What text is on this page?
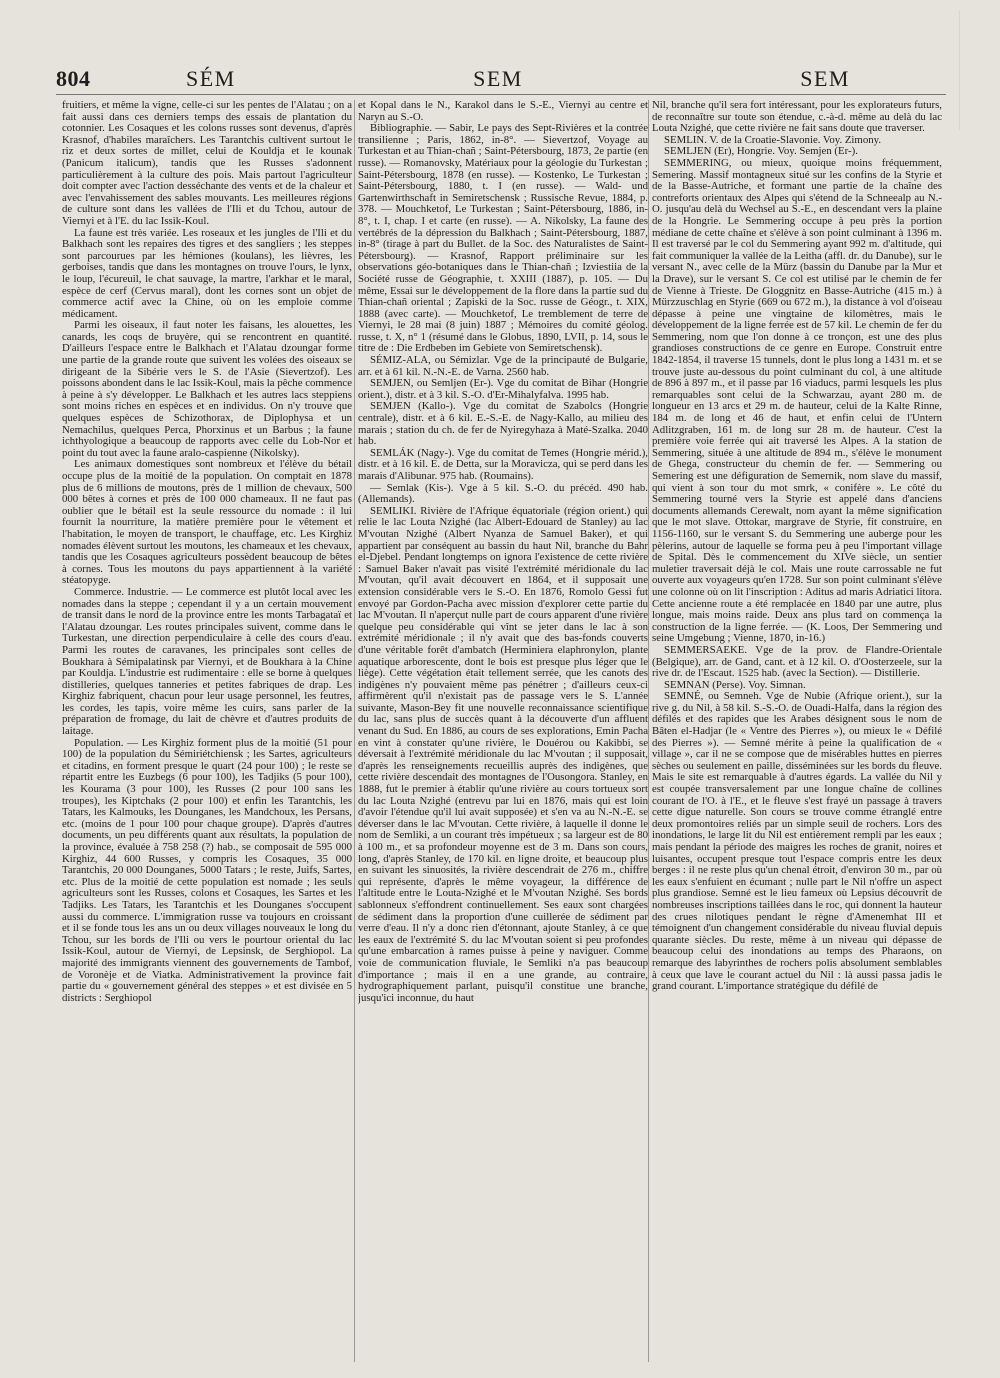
804	SÉM	SEM	SEM

fruitiers, et même la vigne, celle-ci sur les pentes de l'Alatau ; on a fait aussi dans ces derniers temps des essais de plantation du cotonnier. Les Cosaques et les colons russes sont devenus, d'après Krasnof, d'habiles maraîchers. Les Tarantchis cultivent surtout le riz et deux sortes de millet, celui de Kouldja et le kounak (Panicum italicum), tandis que les Russes s'adonnent particulièrement à la culture des pois. Mais partout l'agriculteur doit compter avec l'action desséchante des vents et de la chaleur et avec l'envahissement des sables mouvants. Les meilleures régions de culture sont dans les vallées de l'Ili et du Tchou, autour de Viernyi et à l'E. du lac Issik-Koul.

La faune est très variée. Les roseaux et les jungles de l'Ili et du Balkhach sont les repaires des tigres et des sangliers ; les steppes sont parcourues par les hémiones (koulans), les lièvres, les gerboises, tandis que dans les montagnes on trouve l'ours, le lynx, le loup, l'écureuil, le chat sauvage, la martre, l'arkhar et le maral, espèce de cerf (Cervus maral), dont les cornes sont un objet de commerce actif avec la Chine, où on les emploie comme médicament.

Parmi les oiseaux, il faut noter les faisans, les alouettes, les canards, les coqs de bruyère, qui se rencontrent en quantité. D'ailleurs l'espace entre le Balkhach et l'Alatau dzoungar forme une partie de la grande route que suivent les volées des oiseaux se dirigeant de la Sibérie vers le S. de l'Asie (Sievertzof). Les poissons abondent dans le lac Issik-Koul, mais la pêche commence à peine à s'y développer. Le Balkhach et les autres lacs steppiens sont moins riches en espèces et en individus. On n'y trouve que quelques espèces de Schizothorax, de Diplophysa et un Nemachilus, quelques Perca, Phorxinus et un Barbus ; la faune ichthyologique a beaucoup de rapports avec celle du Lob-Nor et point du tout avec la faune aralo-caspienne (Nikolsky).

Les animaux domestiques sont nombreux et l'élève du bétail occupe plus de la moitié de la population. On comptait en 1878 plus de 6 millions de moutons, près de 1 million de chevaux, 500 000 bêtes à cornes et près de 100 000 chameaux. Il ne faut pas oublier que le bétail est la seule ressource du nomade : il lui fournit la nourriture, la matière première pour le vêtement et l'habitation, le moyen de transport, le chauffage, etc. Les Kirghiz nomades élèvent surtout les moutons, les chameaux et les chevaux, tandis que les Cosaques agriculteurs possèdent beaucoup de bêtes à cornes. Tous les moutons du pays appartiennent à la variété stéatopyge.

Commerce. Industrie. — Le commerce est plutôt local avec les nomades dans la steppe ; cependant il y a un certain mouvement de transit dans le nord de la province entre les monts Tarbagataï et l'Alatau dzoungar. Les routes principales suivent, comme dans le Turkestan, une direction perpendiculaire à celle des cours d'eau. Parmi les routes de caravanes, les principales sont celles de Boukhara à Sémipalatinsk par Viernyi, et de Boukhara à la Chine par Kouldja. L'industrie est rudimentaire : elle se borne à quelques distilleries, quelques tanneries et petites fabriques de drap. Les Kirghiz fabriquent, chacun pour leur usage personnel, les feutres, les cordes, les tapis, voire même les cuirs, sans parler de la préparation de fromage, du lait de chèvre et d'autres produits de laitage.

Population. — Les Kirghiz forment plus de la moitié (51 pour 100) de la population du Sémiriétchiensk ; les Sartes, agriculteurs et citadins, en forment presque le quart (24 pour 100) ; le reste se répartit entre les Euzbegs (6 pour 100), les Tadjiks (5 pour 100), les Kourama (3 pour 100), les Russes (2 pour 100 sans les troupes), les Kiptchaks (2 pour 100) et enfin les Tarantchis, les Tatars, les Kalmouks, les Dounganes, les Mandchoux, les Persans, etc. (moins de 1 pour 100 pour chaque groupe). D'après d'autres documents, un peu différents quant aux résultats, la population de la province, évaluée à 758 258 (?) hab., se composait de 595 000 Kirghiz, 44 600 Russes, y compris les Cosaques, 35 000 Tarantchis, 20 000 Dounganes, 5000 Tatars ; le reste, Juifs, Sartes, etc. Plus de la moitié de cette population est nomade ; les seuls agriculteurs sont les Russes, colons et Cosaques, les Sartes et les Tadjiks. Les Tatars, les Tarantchis et les Dounganes s'occupent aussi du commerce. L'immigration russe va toujours en croissant et il se fonde tous les ans un ou deux villages nouveaux le long du Tchou, sur les bords de l'Ili ou vers le pourtour oriental du lac Issik-Koul, autour de Viernyi, de Lepsinsk, de Serghiopol. La majorité des immigrants viennent des gouvernements de Tambof, de Voronèje et de Viatka. Administrativement la province fait partie du « gouvernement général des steppes » et est divisée en 5 districts : Serghiopol

et Kopal dans le N., Karakol dans le S.-E., Viernyi au centre et Naryn au S.-O.

Bibliographie. — Sabir, Le pays des Sept-Rivières et la contrée transilienne ; Paris, 1862, in-8°. — Sievertzof, Voyage au Turkestan et au Thian-chañ ; Saint-Pétersbourg, 1873, 2e partie (en russe). — Romanovsky, Matériaux pour la géologie du Turkestan ; Saint-Pétersbourg, 1878 (en russe). — Kostenko, Le Turkestan ; Saint-Pétersbourg, 1880, t. I (en russe). — Wald- und Gartenwirthschaft in Semiretschensk ; Russische Revue, 1884, p. 378. — Mouchketof, Le Turkestan ; Saint-Pétersbourg, 1886, in-8°, t. I, chap. I et carte (en russe). — A. Nikolsky, La faune des vertébrés de la dépression du Balkhach ; Saint-Pétersbourg, 1887, in-8° (tirage à part du Bullet. de la Soc. des Naturalistes de Saint-Pétersbourg). — Krasnof, Rapport préliminaire sur les observations géo-botaniques dans le Thian-chañ ; Izviestiia de la Société russe de Géographie, t. XXIII (1887), p. 105. — Du même, Essai sur le développement de la flore dans la partie sud du Thian-chañ oriental ; Zapiski de la Soc. russe de Géogr., t. XIX, 1888 (avec carte). — Mouchketof, Le tremblement de terre de Viernyi, le 28 mai (8 juin) 1887 ; Mémoires du comité géolog. russe, t. X, n° 1 (résumé dans le Globus, 1890, LVII, p. 14, sous le titre de : Die Erdbeben im Gebiete von Semiretschensk).

SÉMIZ-ALA, ou Sémizlar. Vge de la principauté de Bulgarie, arr. et à 61 kil. N.-N.-E. de Varna. 2560 hab.

SEMJEN, ou Semljen (Er-). Vge du comitat de Bihar (Hongrie orient.), distr. et à 3 kil. S.-O. d'Er-Mihalyfalva. 1995 hab.

SEMJEN (Kallo-). Vge du comitat de Szabolcs (Hongrie centrale), distr. et à 6 kil. E.-S.-E. de Nagy-Kallo, au milieu des marais ; station du ch. de fer de Nyiregyhaza à Maté-Szalka. 2040 hab.

SEMLÁK (Nagy-). Vge du comitat de Temes (Hongrie mérid.), distr. et à 16 kil. E. de Detta, sur la Moravicza, qui se perd dans les marais d'Alibunar. 975 hab. (Roumains).

— Semlak (Kis-). Vge à 5 kil. S.-O. du précéd. 490 hab. (Allemands).

SEMLIKI. Rivière de l'Afrique équatoriale (région orient.) qui relie le lac Louta Nzighé (lac Albert-Edouard de Stanley) au lac M'voutan Nzighé (Albert Nyanza de Samuel Baker), et qui appartient par conséquent au bassin du haut Nil, branche du Bahr el-Djebel. Pendant longtemps on ignora l'existence de cette rivière : Samuel Baker n'avait pas visité l'extrémité méridionale du lac M'voutan, qu'il avait découvert en 1864, et il supposait une extension considérable vers le S.-O. En 1876, Romolo Gessi fut envoyé par Gordon-Pacha avec mission d'explorer cette partie du lac M'voutan. Il n'aperçut nulle part de cours apparent d'une rivière quelque peu considérable qui vînt se jeter dans le lac à son extrémité méridionale ; il n'y avait que des bas-fonds couverts d'une véritable forêt d'ambatch (Herminiera elaphronylon, plante aquatique arborescente, dont le bois est presque plus léger que le liège). Cette végétation était tellement serrée, que les canots des indigènes n'y pouvaient même pas pénétrer ; d'ailleurs ceux-ci affirmèrent qu'il n'existait pas de passage vers le S. L'année suivante, Mason-Bey fit une nouvelle reconnaissance scientifique du lac, sans plus de succès quant à la découverte d'un affluent venant du Sud. En 1886, au cours de ses explorations, Emin Pacha en vint à constater qu'une rivière, le Douérou ou Kakibbi, se déversait à l'extrémité méridionale du lac M'voutan ; il supposait, d'après les renseignements recueillis auprès des indigènes, que cette rivière descendait des montagnes de l'Ousongora. Stanley, en 1888, fut le premier à établir qu'une rivière au cours tortueux sort du lac Louta Nzighé (entrevu par lui en 1876, mais qui est loin d'avoir l'étendue qu'il lui avait supposée) et s'en va au N.-N.-E. se déverser dans le lac M'voutan. Cette rivière, à laquelle il donne le nom de Semliki, a un courant très impétueux ; sa largeur est de 80 à 100 m., et sa profondeur moyenne est de 3 m. Dans son cours, long, d'après Stanley, de 170 kil. en ligne droite, et beaucoup plus en suivant les sinuosités, la rivière descendrait de 276 m., chiffre qui représente, d'après le même voyageur, la différence de l'altitude entre le Louta-Nzighé et le M'voutan Nzighé. Ses bords sablonneux s'effondrent continuellement. Ses eaux sont chargées de sédiment dans la proportion d'une cuillerée de sédiment par verre d'eau. Il n'y a donc rien d'étonnant, ajoute Stanley, à ce que les eaux de l'extrémité S. du lac M'voutan soient si peu profondes qu'une embarcation à rames puisse à peine y naviguer. Comme voie de communication fluviale, le Semliki n'a pas beaucoup d'importance ; mais il en a une grande, au contraire, hydrographiquement parlant, puisqu'il constitue une branche, jusqu'ici inconnue, du haut

Nil, branche qu'il sera fort intéressant, pour les explorateurs futurs, de reconnaître sur toute son étendue, c.-à-d. même au delà du lac Louta Nzighé, que cette rivière ne fait sans doute que traverser.

SEMLIN. V. de la Croatie-Slavonie. Voy. Zimony.

SEMLJEN (Er), Hongrie. Voy. Semjen (Er-).

SEMMERING, ou mieux, quoique moins fréquemment, Semering. Massif montagneux situé sur les confins de la Styrie et de la Basse-Autriche, et formant une partie de la chaîne des contreforts orientaux des Alpes qui s'étend de la Schneealp au N.-O. jusqu'au delà du Wechsel au S.-E., en descendant vers la plaine de la Hongrie. Le Semmering occupe à peu près la portion médiane de cette chaîne et s'élève à son point culminant à 1396 m. Il est traversé par le col du Semmering ayant 992 m. d'altitude, qui fait communiquer la vallée de la Leitha (affl. dr. du Danube), sur le versant N., avec celle de la Mürz (bassin du Danube par la Mur et la Drave), sur le versant S. Ce col est utilisé par le chemin de fer de Vienne à Trieste. De Gloggnitz en Basse-Autriche (415 m.) à Mürzzuschlag en Styrie (669 ou 672 m.), la distance à vol d'oiseau dépasse à peine une vingtaine de kilomètres, mais le développement de la ligne ferrée est de 57 kil. Le chemin de fer du Semmering, nom que l'on donne à ce tronçon, est une des plus grandioses constructions de ce genre en Europe. Construit entre 1842-1854, il traverse 15 tunnels, dont le plus long a 1431 m. et se trouve juste au-dessous du point culminant du col, à une altitude de 896 à 897 m., et il passe par 16 viaducs, parmi lesquels les plus remarquables sont celui de la Schwarzau, ayant 280 m. de longueur en 13 arcs et 29 m. de hauteur, celui de la Kalte Rinne, 184 m. de long et 46 de haut, et enfin celui de l'Untern Adlitzgraben, 161 m. de long sur 28 m. de hauteur. C'est la première voie ferrée qui ait traversé les Alpes. A la station de Semmering, située à une altitude de 894 m., s'élève le monument de Ghega, constructeur du chemin de fer. — Semmering ou Semering est une défiguration de Semernik, nom slave du massif, qui vient à son tour du mot smrk, « conifère ». Le côté du Semmering tourné vers la Styrie est appelé dans d'anciens documents allemands Cerewalt, nom ayant la même signification que le mot slave. Ottokar, margrave de Styrie, fit construire, en 1156-1160, sur le versant S. du Semmering une auberge pour les pèlerins, autour de laquelle se forma peu à peu l'important village de Spital. Dès le commencement du XIVe siècle, un sentier muletier traversait déjà le col. Mais une route carrossable ne fut ouverte aux voyageurs qu'en 1728. Sur son point culminant s'élève une colonne où on lit l'inscription : Aditus ad maris Adriatici litora. Cette ancienne route a été remplacée en 1840 par une autre, plus longue, mais moins raide. Deux ans plus tard on commença la construction de la ligne ferrée. — (K. Loos, Der Semmering und seine Umgebung ; Vienne, 1870, in-16.)

SEMMERSAEKE. Vge de la prov. de Flandre-Orientale (Belgique), arr. de Gand, cant. et à 12 kil. O. d'Oosterzeele, sur la rive dr. de l'Escaut. 1525 hab. (avec la Section). — Distillerie.

SEMNAN (Perse). Voy. Simnan.

SEMNÉ, ou Semneh. Vge de Nubie (Afrique orient.), sur la rive g. du Nil, à 58 kil. S.-S.-O. de Ouadi-Halfa, dans la région des défilés et des rapides que les Arabes désignent sous le nom de Bâten el-Hadjar (le « Ventre des Pierres »), ou mieux le « Défilé des Pierres »). — Semné mérite à peine la qualification de « village », car il ne se compose que de misérables huttes en pierres sèches ou seulement en paille, disséminées sur les bords du fleuve. Mais le site est remarquable à d'autres égards. La vallée du Nil y est coupée transversalement par une longue chaîne de collines courant de l'O. à l'E., et le fleuve s'est frayé un passage à travers cette digue naturelle. Son cours se trouve comme étranglé entre deux promontoires reliés par un simple seuil de rochers. Lors des inondations, le large lit du Nil est entièrement rempli par les eaux ; mais pendant la période des maigres les roches de granit, noires et luisantes, occupent presque tout l'espace compris entre les deux berges : il ne reste plus qu'un chenal étroit, d'environ 30 m., par où les eaux s'enfuient en écumant ; nulle part le Nil n'offre un aspect plus grandiose. Semné est le lieu fameux où Lepsius découvrit de nombreuses inscriptions taillées dans le roc, qui donnent la hauteur des crues nilotiques pendant le règne d'Amenemhat III et témoignent d'un changement considérable du niveau fluvial depuis quarante siècles. Du reste, même à un niveau qui dépasse de beaucoup celui des inondations au temps des Pharaons, on remarque des labyrinthes de rochers polis absolument semblables à ceux que lave le courant actuel du Nil : là aussi passa jadis le grand courant. L'importance stratégique du défilé de
